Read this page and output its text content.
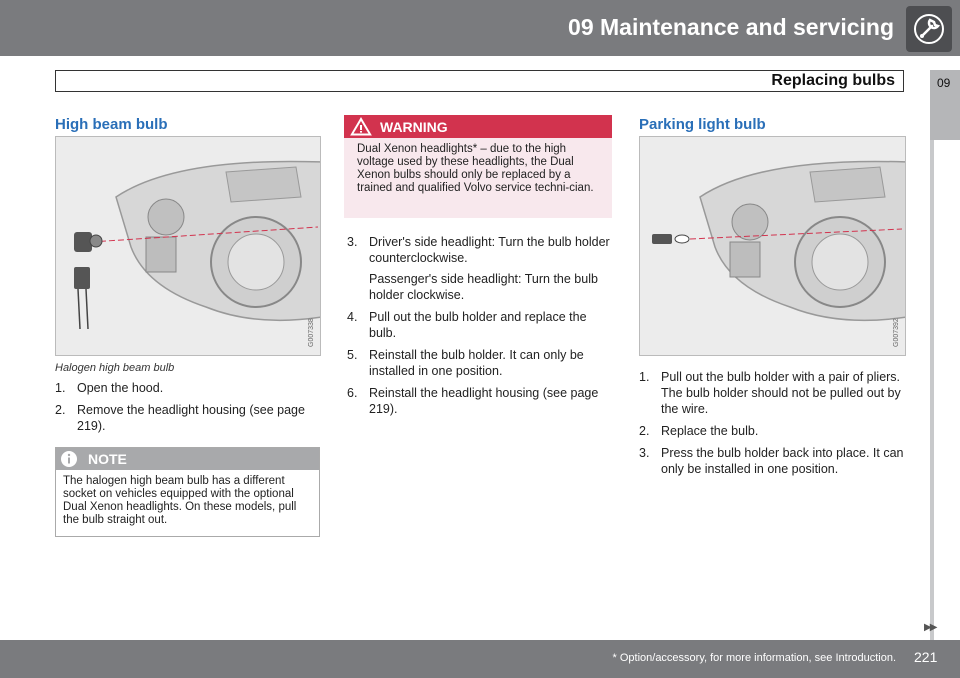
09 Maintenance and servicing
Replacing bulbs	09
High beam bulb
G007338
Halogen high beam bulb
1. Open the hood.
2. Remove the headlight housing (see page 219).
NOTE
The halogen high beam bulb has a different socket on vehicles equipped with the optional Dual Xenon headlights. On these models, pull the bulb straight out.
WARNING
Dual Xenon headlights* – due to the high voltage used by these headlights, the Dual Xenon bulbs should only be replaced by a trained and qualified Volvo service techni-cian.
3. Driver's side headlight: Turn the bulb holder counterclockwise.
Passenger's side headlight: Turn the bulb holder clockwise.
4. Pull out the bulb holder and replace the bulb.
5. Reinstall the bulb holder. It can only be installed in one position.
6. Reinstall the headlight housing (see page 219).
Parking light bulb
G007392
1. Pull out the bulb holder with a pair of pliers. The bulb holder should not be pulled out by the wire.
2. Replace the bulb.
3. Press the bulb holder back into place. It can only be installed in one position.
▶▶
* Option/accessory, for more information, see Introduction. 221
